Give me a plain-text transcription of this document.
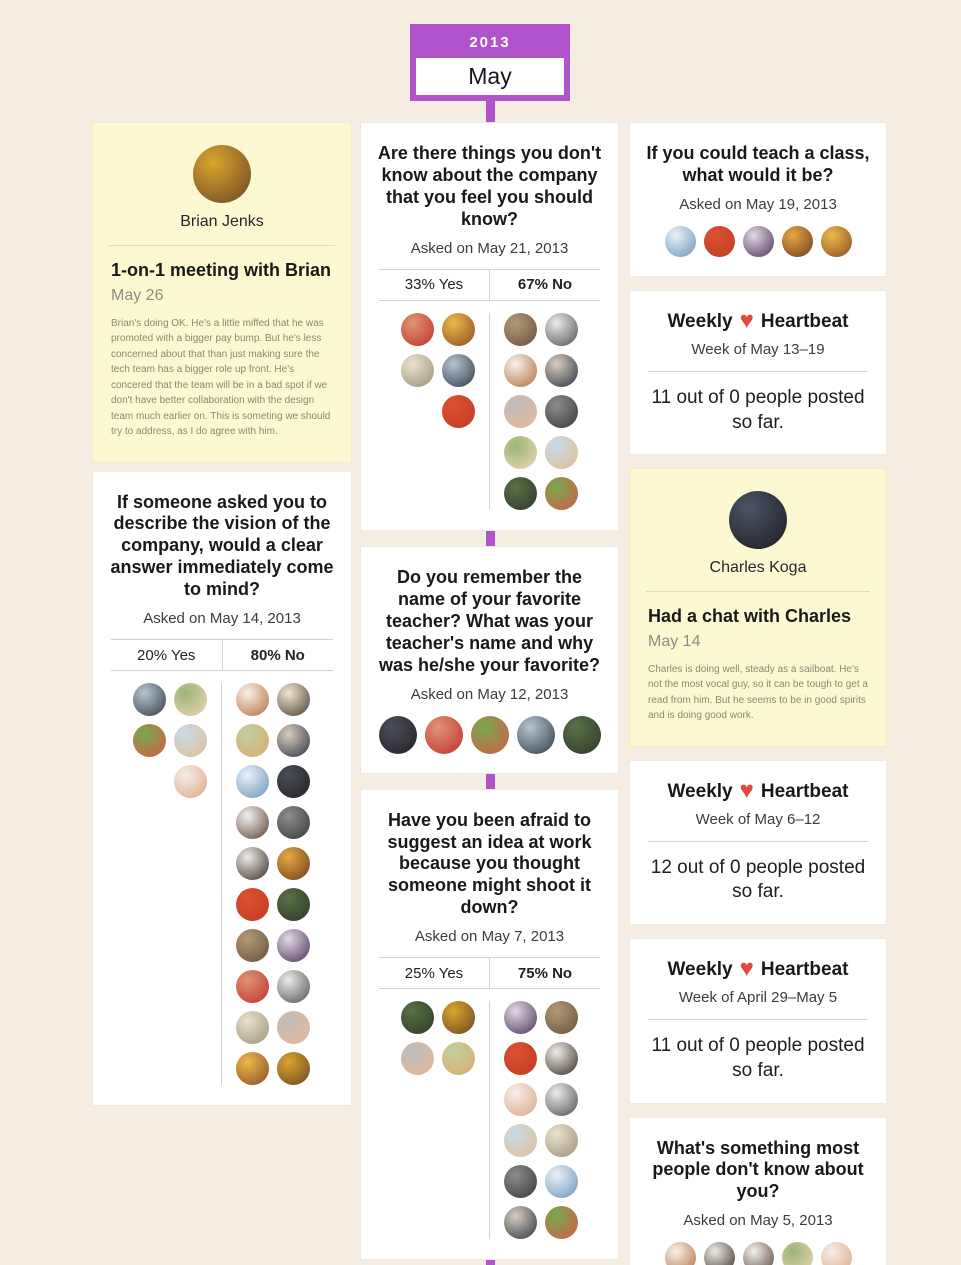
2013
May
Brian Jenks
1-on-1 meeting with Brian
May 26
Brian's doing OK. He's a little miffed that he was promoted with a bigger pay bump. But he's less concerned about that than just making sure the tech team has a bigger role up front. He's concered that the team will be in a bad spot if we don't have better collaboration with the design team much earlier on. This is someting we should try to address, as I do agree with him.
If someone asked you to describe the vision of the company, would a clear answer immediately come to mind?
Asked on May 14, 2013
20% Yes	80% No
Are there things you don't know about the company that you feel you should know?
Asked on May 21, 2013
33% Yes	67% No
Do you remember the name of your favorite teacher? What was your teacher's name and why was he/she your favorite?
Asked on May 12, 2013
Have you been afraid to suggest an idea at work because you thought someone might shoot it down?
Asked on May 7, 2013
25% Yes	75% No
If you could teach a class, what would it be?
Asked on May 19, 2013
Weekly ♥ Heartbeat
Week of May 13–19
11 out of 0 people posted so far.
Charles Koga
Had a chat with Charles
May 14
Charles is doing well, steady as a sailboat. He's not the most vocal guy, so it can be tough to get a read from him. But he seems to be in good spirits and is doing good work.
Weekly ♥ Heartbeat
Week of May 6–12
12 out of 0 people posted so far.
Weekly ♥ Heartbeat
Week of April 29–May 5
11 out of 0 people posted so far.
What's something most people don't know about you?
Asked on May 5, 2013
